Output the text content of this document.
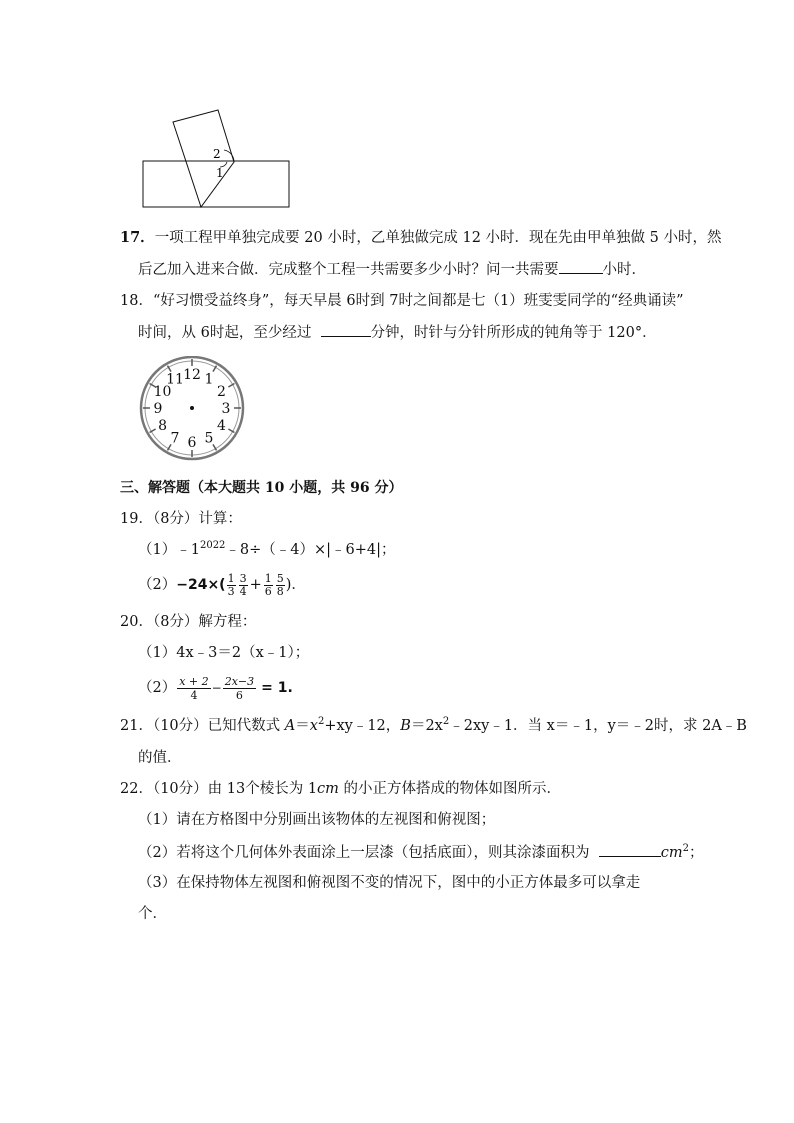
2
1
17．一项工程甲单独完成要 20 小时，乙单独做完成 12 小时．现在先由甲单独做 5 小时，然
后乙加入进来合做．完成整个工程一共需要多少小时？问一共需要	小时．
18．“好习惯受益终身”，每天早晨 6时到 7时之间都是七（1）班雯雯同学的“经典诵读”
时间，从 6时起，至少经过	分钟，时针与分针所形成的钝角等于 120°．
12 1
2
3
4
5
6
7
8
9
10
11
三、解答题（本大题共 10 小题，共 96 分）
19．（8分）计算：
$(1)﹣1^{2022}﹣8\div(﹣4)\times|﹣6+4|$；
$(2) -24\times( \frac{1}{3} \frac{3}{4} + \frac{1}{6} \frac{5}{8}$ )．
20．（8分）解方程：
（1）4x﹣3＝2（x﹣1）；
$(2) \frac{x + 2}{4} - \frac{2x-3}{6} = 1$.
21．（10分）已知代数式 $A=x^2+xy﹣12$，$B=2x^2﹣2xy﹣1$．当 x＝﹣1，y＝﹣2时，求 2A﹣B
的值．
22．（10分）由 13个棱长为 1cm 的小正方体搭成的物体如图所示．
（1）请在方格图中分别画出该物体的左视图和俯视图；
（2）若将这个几何体外表面涂上一层漆（包括底面），则其涂漆面积为	$cm^2$；
（3）在保持物体左视图和俯视图不变的情况下，图中的小正方体最多可以拿走
个．
